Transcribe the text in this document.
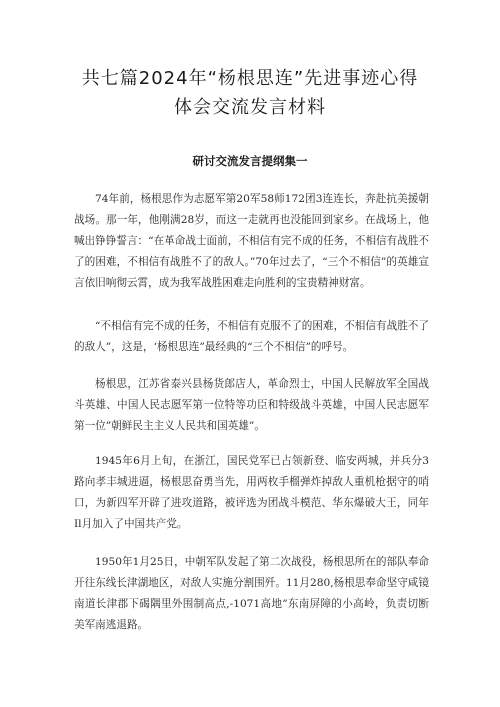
共七篇2024年“杨根思连”先进事迹心得
体会交流发言材料
研讨交流发言提纲集一

74年前，杨根思作为志愿军第20军58师172团3连连长，奔赴抗美援朝战场。那一年，他刚满28岁，而这一走就再也没能回到家乡。在战场上，他喊出铮铮誓言：“在革命战士面前，不相信有完不成的任务，不相信有战胜不了的困难，不相信有战胜不了的敌人。”70年过去了，“三个不相信”的英雄宣言依旧响彻云霄，成为我军战胜困难走向胜利的宝贵精神财富。

“不相信有完不成的任务，不相信有克服不了的困难，不相信有战胜不了的敌人”，这是，‘杨根思连”最经典的“三个不相信”的呼号。

杨根思，江苏省泰兴县杨货郎店人，革命烈士，中国人民解放军全国战斗英雄、中国人民志愿军第一位特等功臣和特级战斗英雄，中国人民志愿军第一位”朝鲜民主主义人民共和国英雄”。

1945年6月上旬，在浙江，国民党军已占领新登、临安两城，并兵分3路向孝丰城进逼，杨根思奋勇当先，用两枚手榴弹炸掉敌人重机枪据守的哨口，为新四军开辟了进攻道路，被评选为团战斗模范、华东爆破大王，同年Il月加入了中国共产党。

1950年1月25日，中朝军队发起了第二次战役，杨根思所在的部队奉命开往东线长津湖地区，对敌人实施分割围歼。11月280,杨根思奉命坚守咸镜南道长津郡下碣隅里外围制高点,-1071高地”东南屏障的小高岭，负责切断美军南逃退路。
